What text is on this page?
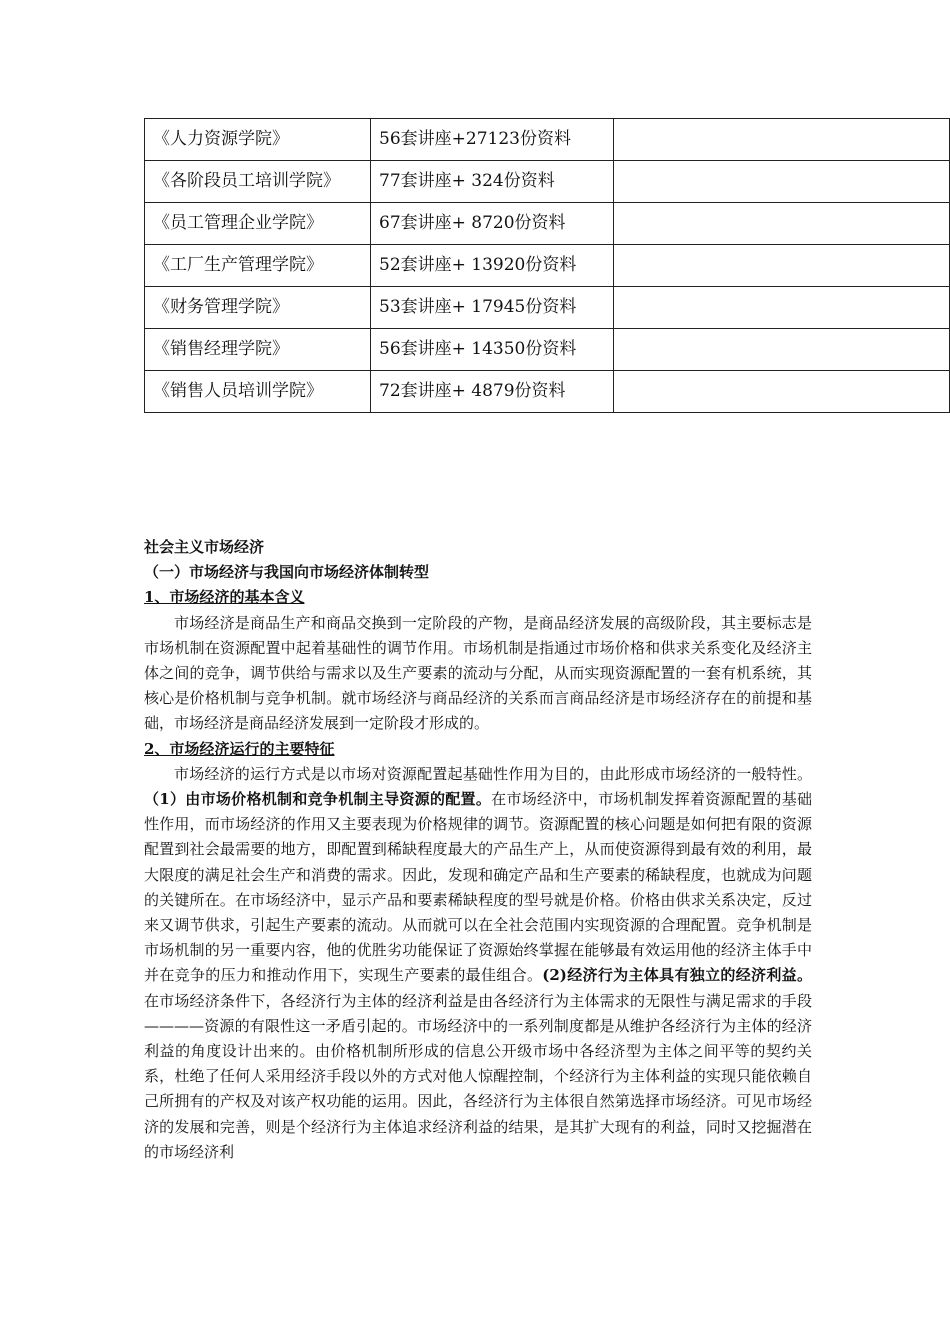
《人力资源学院》	56套讲座+27123份资料	
《各阶段员工培训学院》	77套讲座+ 324份资料	
《员工管理企业学院》	67套讲座+ 8720份资料	
《工厂生产管理学院》	52套讲座+ 13920份资料	
《财务管理学院》	53套讲座+ 17945份资料	
《销售经理学院》	56套讲座+ 14350份资料	
《销售人员培训学院》	72套讲座+ 4879份资料	

社会主义市场经济

（一）市场经济与我国向市场经济体制转型

1、市场经济的基本含义

市场经济是商品生产和商品交换到一定阶段的产物，是商品经济发展的高级阶段，其主要标志是市场机制在资源配置中起着基础性的调节作用。市场机制是指通过市场价格和供求关系变化及经济主体之间的竞争，调节供给与需求以及生产要素的流动与分配，从而实现资源配置的一套有机系统，其核心是价格机制与竞争机制。就市场经济与商品经济的关系而言商品经济是市场经济存在的前提和基础，市场经济是商品经济发展到一定阶段才形成的。

2、市场经济运行的主要特征

市场经济的运行方式是以市场对资源配置起基础性作用为目的，由此形成市场经济的一般特性。（1）由市场价格机制和竞争机制主导资源的配置。在市场经济中，市场机制发挥着资源配置的基础性作用，而市场经济的作用又主要表现为价格规律的调节。资源配置的核心问题是如何把有限的资源配置到社会最需要的地方，即配置到稀缺程度最大的产品生产上，从而使资源得到最有效的利用，最大限度的满足社会生产和消费的需求。因此，发现和确定产品和生产要素的稀缺程度，也就成为问题的关键所在。在市场经济中，显示产品和要素稀缺程度的型号就是价格。价格由供求关系决定，反过来又调节供求，引起生产要素的流动。从而就可以在全社会范围内实现资源的合理配置。竞争机制是市场机制的另一重要内容，他的优胜劣功能保证了资源始终掌握在能够最有效运用他的经济主体手中并在竞争的压力和推动作用下，实现生产要素的最佳组合。(2)经济行为主体具有独立的经济利益。在市场经济条件下，各经济行为主体的经济利益是由各经济行为主体需求的无限性与满足需求的手段————资源的有限性这一矛盾引起的。市场经济中的一系列制度都是从维护各经济行为主体的经济利益的角度设计出来的。由价格机制所形成的信息公开级市场中各经济型为主体之间平等的契约关系，杜绝了任何人采用经济手段以外的方式对他人惊醒控制，个经济行为主体利益的实现只能依赖自己所拥有的产权及对该产权功能的运用。因此，各经济行为主体很自然第选择市场经济。可见市场经济的发展和完善，则是个经济行为主体追求经济利益的结果，是其扩大现有的利益，同时又挖掘潜在的市场经济利
